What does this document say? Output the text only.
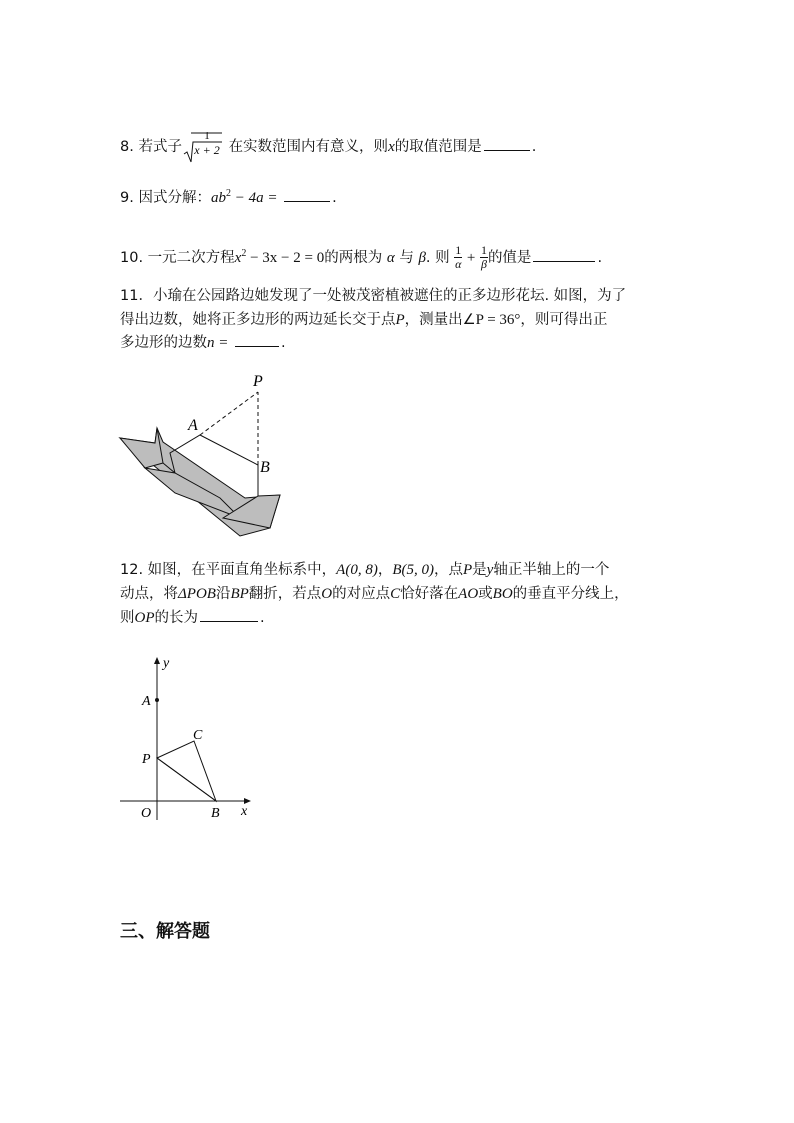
8. 若式子
1
x + 2 在实数范围内有意义，则x的取值范围是	.
9. 因式分解：$ab^2 - 4a$ =	.
10. 一元二次方程$x^2 - 3x - 2 = 0$的两根为 α 与 β. 则 $\frac{1}{\alpha} + \frac{1}{\beta}$ 的值是	.
11．小瑜在公园路边她发现了一处被茂密植被遮住的正多边形花坛. 如图，为了
得出边数，她将正多边形的两边延长交于点P，测量出∠P = 36°，则可得出正
多边形的边数n =	.
P
A
B
12. 如图，在平面直角坐标系中，A(0, 8)，B(5, 0)，点P是y轴正半轴上的一个
动点，将ΔPOB沿BP翻折，若点O的对应点C恰好落在AO或BO的垂直平分线上，
则OP的长为	.
y
A
C
P
O	B x
三、解答题
